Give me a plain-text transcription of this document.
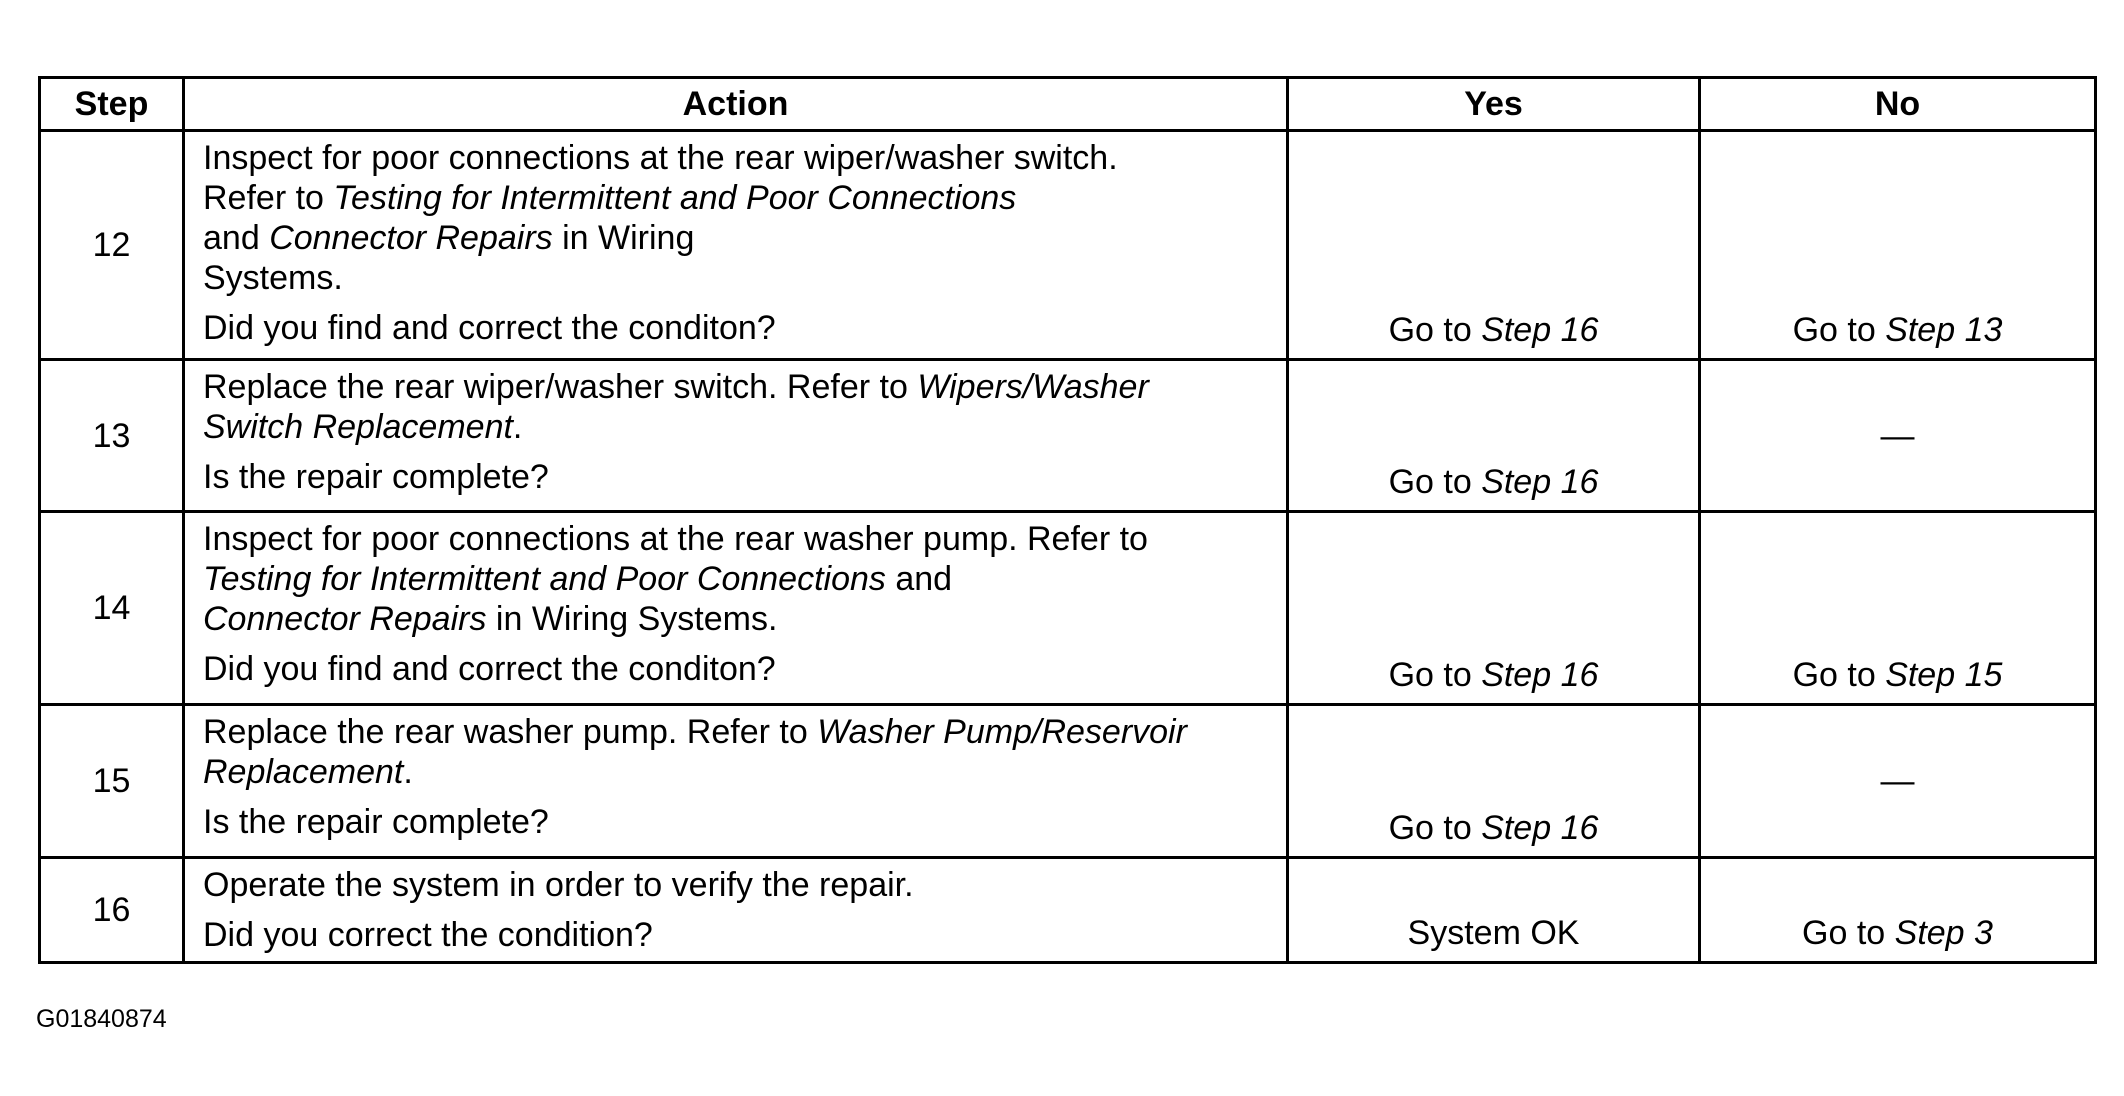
Step	Action	Yes	No
12	Inspect for poor connections at the rear wiper/washer switch.
Refer to Testing for Intermittent and Poor Connections
and Connector Repairs in Wiring
Systems.
Did you find and correct the conditon?	Go to Step 16	Go to Step 13
13	Replace the rear wiper/washer switch. Refer to Wipers/Washer
Switch Replacement.
Is the repair complete?	Go to Step 16	—
14	Inspect for poor connections at the rear washer pump. Refer to
Testing for Intermittent and Poor Connections and
Connector Repairs in Wiring Systems.
Did you find and correct the conditon?	Go to Step 16	Go to Step 15
15	Replace the rear washer pump. Refer to Washer Pump/Reservoir
Replacement.
Is the repair complete?	Go to Step 16	—
16	Operate the system in order to verify the repair.
Did you correct the condition?	System OK	Go to Step 3
G01840874
